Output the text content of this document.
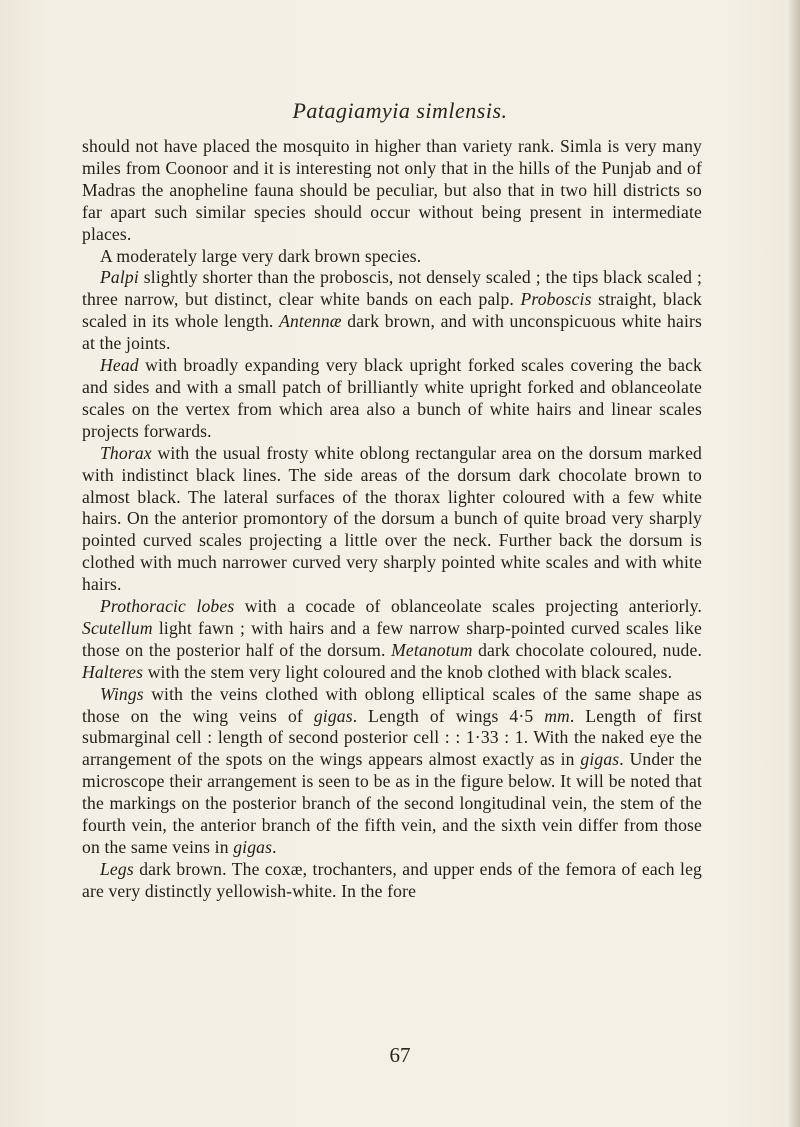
Patagiamyia simlensis.

should not have placed the mosquito in higher than variety rank. Simla is very many miles from Coonoor and it is interesting not only that in the hills of the Punjab and of Madras the anopheline fauna should be peculiar, but also that in two hill districts so far apart such similar species should occur without being present in intermediate places.

A moderately large very dark brown species.

Palpi slightly shorter than the proboscis, not densely scaled ; the tips black scaled ; three narrow, but distinct, clear white bands on each palp. Proboscis straight, black scaled in its whole length. Antennæ dark brown, and with unconspicuous white hairs at the joints.

Head with broadly expanding very black upright forked scales covering the back and sides and with a small patch of brilliantly white upright forked and oblanceolate scales on the vertex from which area also a bunch of white hairs and linear scales projects forwards.

Thorax with the usual frosty white oblong rectangular area on the dorsum marked with indistinct black lines. The side areas of the dorsum dark chocolate brown to almost black. The lateral surfaces of the thorax lighter coloured with a few white hairs. On the anterior promontory of the dorsum a bunch of quite broad very sharply pointed curved scales projecting a little over the neck. Further back the dorsum is clothed with much narrower curved very sharply pointed white scales and with white hairs.

Prothoracic lobes with a cocade of oblanceolate scales projecting anteriorly. Scutellum light fawn ; with hairs and a few narrow sharp-pointed curved scales like those on the posterior half of the dorsum. Metanotum dark chocolate coloured, nude. Halteres with the stem very light coloured and the knob clothed with black scales.

Wings with the veins clothed with oblong elliptical scales of the same shape as those on the wing veins of gigas. Length of wings 4·5 mm. Length of first submarginal cell : length of second posterior cell : : 1·33 : 1. With the naked eye the arrangement of the spots on the wings appears almost exactly as in gigas. Under the microscope their arrangement is seen to be as in the figure below. It will be noted that the markings on the posterior branch of the second longitudinal vein, the stem of the fourth vein, the anterior branch of the fifth vein, and the sixth vein differ from those on the same veins in gigas.

Legs dark brown. The coxæ, trochanters, and upper ends of the femora of each leg are very distinctly yellowish-white. In the fore

67
